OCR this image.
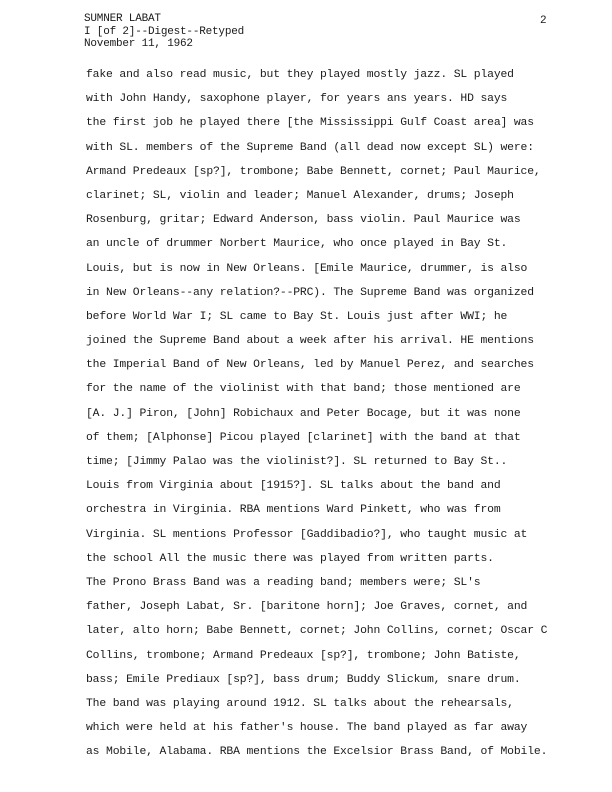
SUMNER LABAT
I [of 2]--Digest--Retyped
November 11, 1962
2
fake and also read music, but they played mostly jazz. SL played
with John Handy, saxophone player, for years ans years. HD says
the first job he played there [the Mississippi Gulf Coast area] was
with SL. members of the Supreme Band (all dead now except SL) were:
Armand Predeaux [sp?], trombone; Babe Bennett, cornet; Paul Maurice,
clarinet; SL, violin and leader; Manuel Alexander, drums; Joseph
Rosenburg, gritar; Edward Anderson, bass violin. Paul Maurice was
an uncle of drummer Norbert Maurice, who once played in Bay St.
Louis, but is now in New Orleans. [Emile Maurice, drummer, is also
in New Orleans--any relation?--PRC). The Supreme Band was organized
before World War I; SL came to Bay St. Louis just after WWI; he
joined the Supreme Band about a week after his arrival. HE mentions
the Imperial Band of New Orleans, led by Manuel Perez, and searches
for the name of the violinist with that band; those mentioned are
[A. J.] Piron, [John] Robichaux and Peter Bocage, but it was none
of them; [Alphonse] Picou played [clarinet] with the band at that
time; [Jimmy Palao was the violinist?]. SL returned to Bay St..
Louis from Virginia about [1915?]. SL talks about the band and
orchestra in Virginia. RBA mentions Ward Pinkett, who was from
Virginia. SL mentions Professor [Gaddibadio?], who taught music at
the school All the music there was played from written parts.
The Prono Brass Band was a reading band; members were; SL's
father, Joseph Labat, Sr. [baritone horn]; Joe Graves, cornet, and
later, alto horn; Babe Bennett, cornet; John Collins, cornet; Oscar C
Collins, trombone; Armand Predeaux [sp?], trombone; John Batiste,
bass; Emile Prediaux [sp?], bass drum; Buddy Slickum, snare drum.
The band was playing around 1912. SL talks about the rehearsals,
which were held at his father's house. The band played as far away
as Mobile, Alabama. RBA mentions the Excelsior Brass Band, of Mobile.
